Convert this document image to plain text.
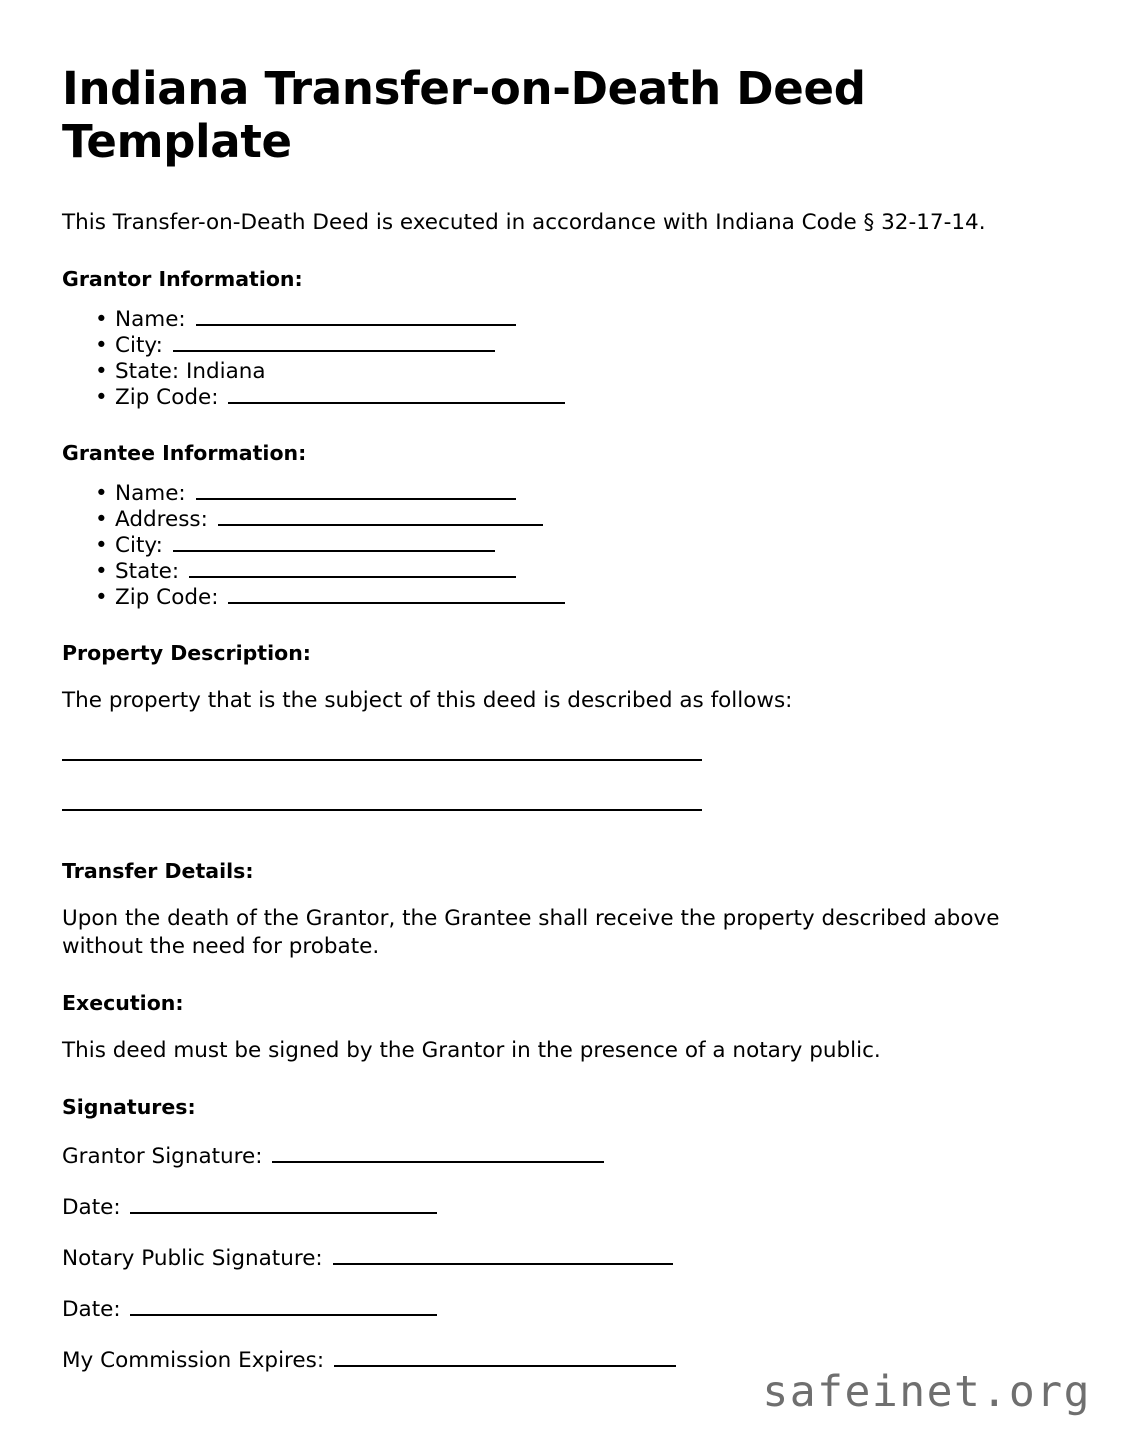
Indiana Transfer-on-Death Deed Template

This Transfer-on-Death Deed is executed in accordance with Indiana Code § 32-17-14.

Grantor Information:
• Name:
• City:
• State: Indiana
• Zip Code:
Grantee Information:
• Name:
• Address:
• City:
• State:
• Zip Code:
Property Description:

The property that is the subject of this deed is described as follows:

Transfer Details:

Upon the death of the Grantor, the Grantee shall receive the property described above without the need for probate.

Execution:

This deed must be signed by the Grantor in the presence of a notary public.

Signatures:

Grantor Signature:

Date:

Notary Public Signature:

Date:

My Commission Expires:

safeinet.org
